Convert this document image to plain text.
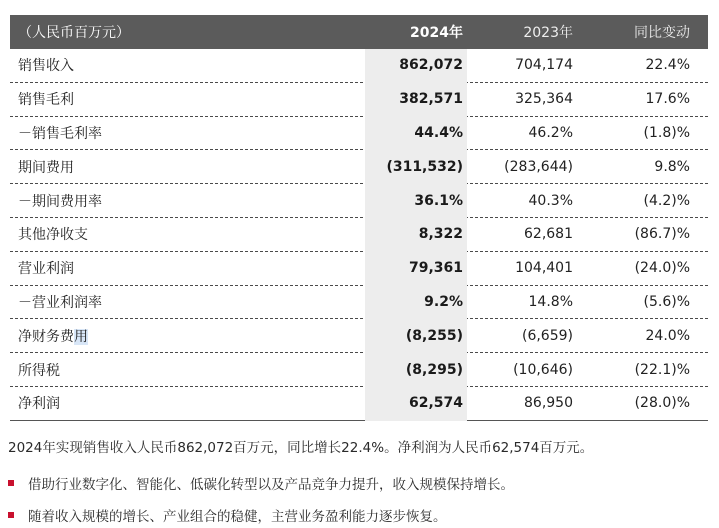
（人民币百万元）	2024年	2023年	同比变动
销售收入	862,072	704,174	22.4%
销售毛利	382,571	325,364	17.6%
－销售毛利率	44.4%	46.2%	(1.8)%
期间费用	(311,532)	(283,644)	9.8%
－期间费用率	36.1%	40.3%	(4.2)%
其他净收支	8,322	62,681	(86.7)%
营业利润	79,361	104,401	(24.0)%
－营业利润率	9.2%	14.8%	(5.6)%
净财务费用	(8,255)	(6,659)	24.0%
所得税	(8,295)	(10,646)	(22.1)%
净利润	62,574	86,950	(28.0)%
2024年实现销售收入人民币862,072百万元，同比增长22.4%。净利润为人民币62,574百万元。
借助行业数字化、智能化、低碳化转型以及产品竞争力提升，收入规模保持增长。
随着收入规模的增长、产业组合的稳健，主营业务盈利能力逐步恢复。
